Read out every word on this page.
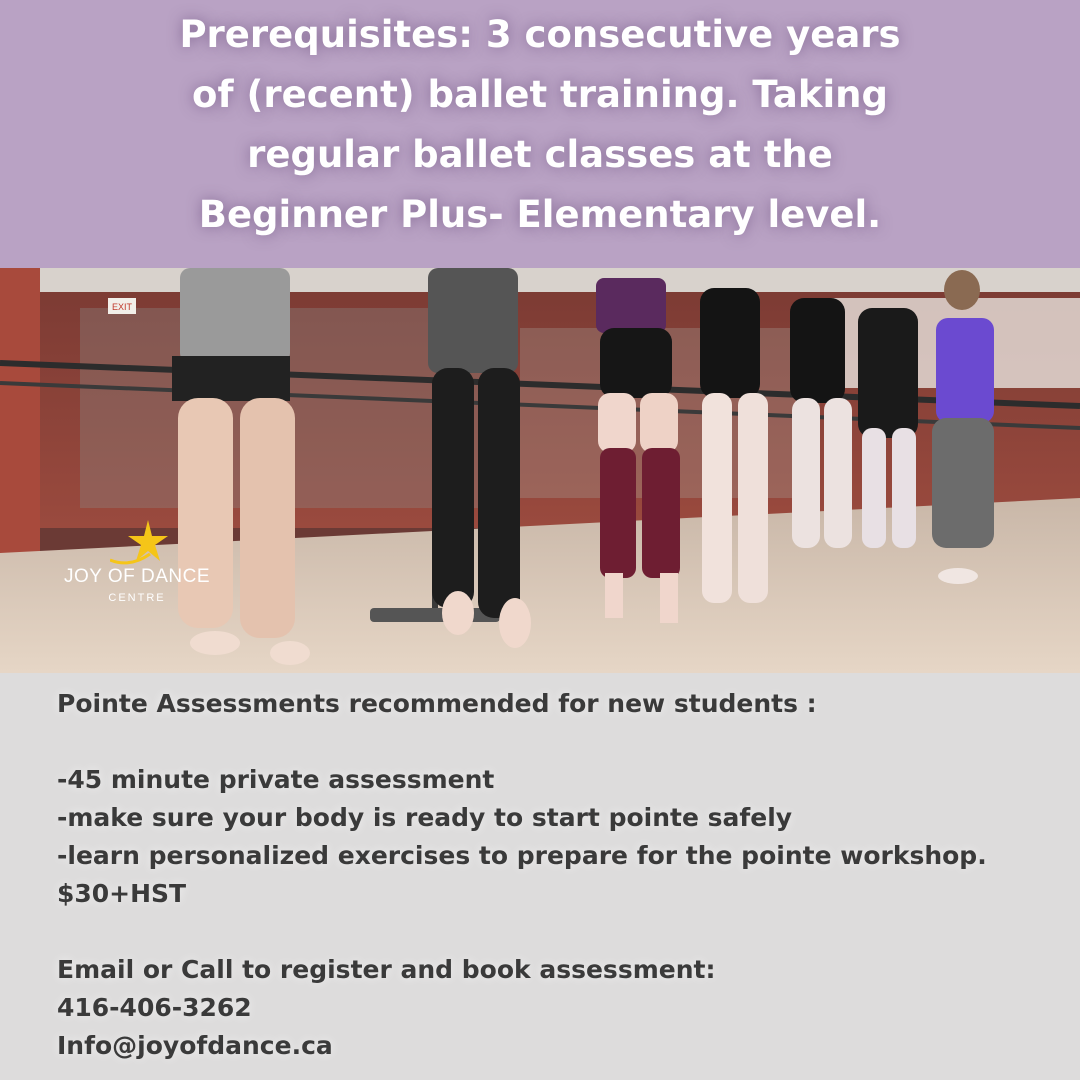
Prerequisites: 3 consecutive years
of (recent) ballet training. Taking
regular ballet classes at the
Beginner Plus- Elementary level.

EXIT
JOY OF DANCE
CENTRE

Pointe Assessments recommended for new students :

-45 minute private assessment

-make sure your body is ready to start pointe safely

-learn personalized exercises to prepare for the pointe workshop.

$30+HST

Email or Call to register and book assessment:

416-406-3262

Info@joyofdance.ca
